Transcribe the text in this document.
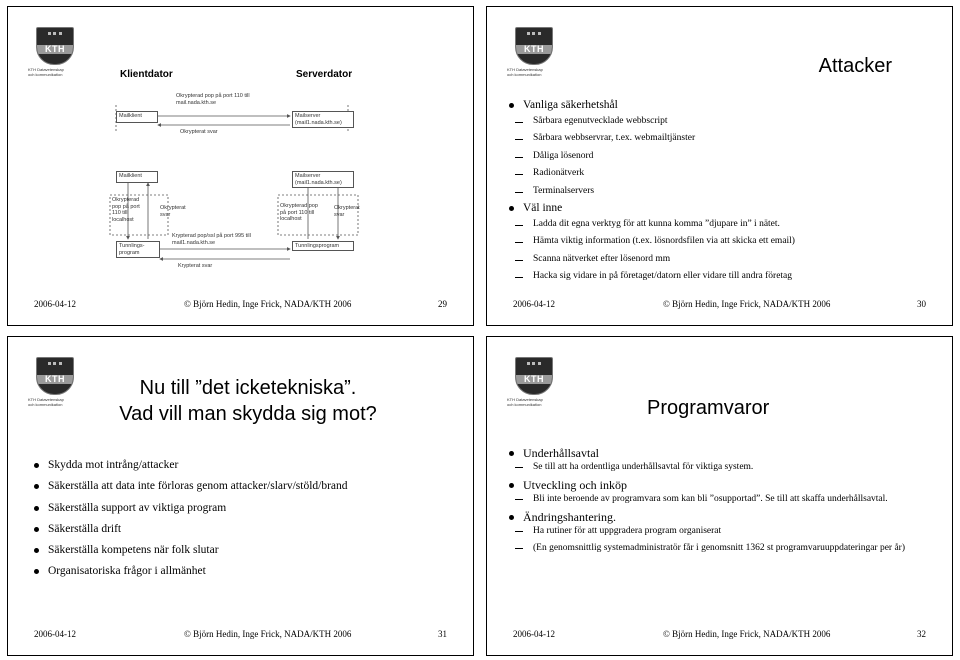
KTH
KTH Datavetenskap
och kommunikation	Klientdator	Serverdator
Okrypterad pop på port 110 till mail.nada.kth.se
Mailklient	Mailserver (mail1.nada.kth.se)
Okrypterat svar
Mailklient	Mailserver (mail1.nada.kth.se)
Okrypterad pop på port 110 till localhost
Okrypterat svar
Okrypterad pop på port 110 till localhost
Okrypterat svar
Tunnlings-program
Tunnlingsprogram
Krypterad pop/ssl på port 995 till mail1.nada.kth.se
Krypterat svar
2006-04-12	© Björn Hedin, Inge Frick, NADA/KTH 2006	29
KTH
KTH Datavetenskap
och kommunikation	Attacker
Vanliga säkerhetshål
Sårbara egenutvecklade webbscript
Sårbara webbservrar, t.ex. webmailtjänster
Dåliga lösenord
Radionätverk
Terminalservers
Väl inne
Ladda dit egna verktyg för att kunna komma ”djupare in” i nätet.
Hämta viktig information (t.ex. lösnordsfilen via att skicka ett email)
Scanna nätverket efter lösenord mm
Hacka sig vidare in på företaget/datorn eller vidare till andra företag
2006-04-12	© Björn Hedin, Inge Frick, NADA/KTH 2006	30
KTH
KTH Datavetenskap
och kommunikation
Nu till ”det icketekniska”.
Vad vill man skydda sig mot?
Skydda mot intrång/attacker
Säkerställa att data inte förloras genom attacker/slarv/stöld/brand
Säkerställa support av viktiga program
Säkerställa drift
Säkerställa kompetens när folk slutar
Organisatoriska frågor i allmänhet
2006-04-12	© Björn Hedin, Inge Frick, NADA/KTH 2006	31
KTH
KTH Datavetenskap
och kommunikation	Programvaror
Underhållsavtal
Se till att ha ordentliga underhållsavtal för viktiga system.
Utveckling och inköp
Bli inte beroende av programvara som kan bli ”osupportad”. Se till att skaffa underhållsavtal.
Ändringshantering.
Ha rutiner för att uppgradera program organiserat
(En genomsnittlig systemadministratör får i genomsnitt 1362 st programvaruuppdateringar per år)
2006-04-12	© Björn Hedin, Inge Frick, NADA/KTH 2006	32
